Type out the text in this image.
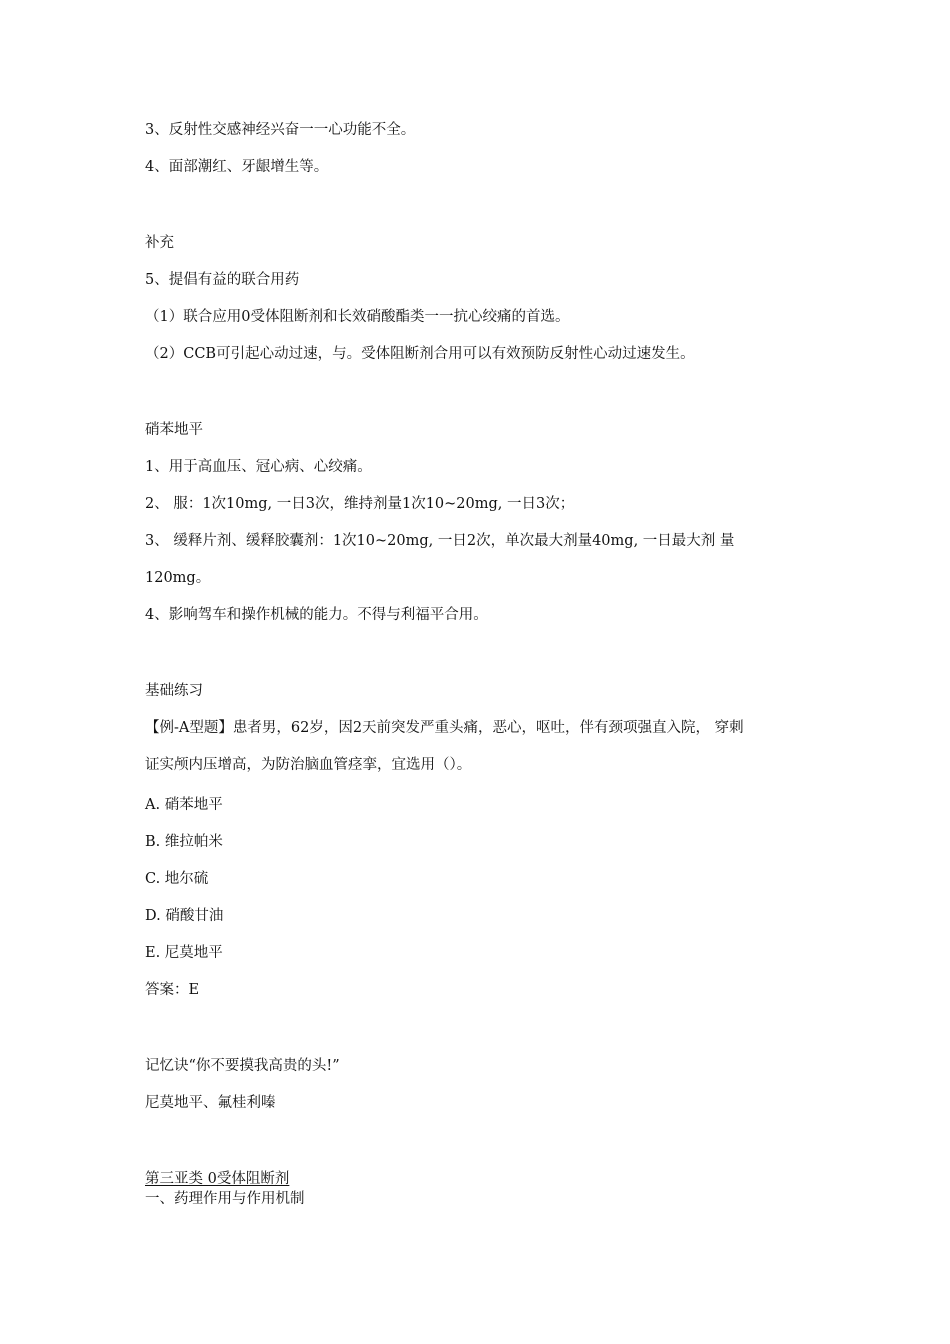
3、反射性交感神经兴奋一一心功能不全。
4、面部潮红、牙龈增生等。
补充
5、提倡有益的联合用药
（1）联合应用0受体阻断剂和长效硝酸酯类一一抗心绞痛的首选。
（2）CCB可引起心动过速，与。受体阻断剂合用可以有效预防反射性心动过速发生。
硝苯地平
1、用于高血压、冠心病、心绞痛。
2、 服：1次10mg, 一日3次，维持剂量1次10~20mg, 一日3次；
3、 缓释片剂、缓释胶囊剂：1次10~20mg, 一日2次，单次最大剂量40mg, 一日最大剂 量
120mg。
4、影响驾车和操作机械的能力。不得与利福平合用。
基础练习
【例-A型题】患者男，62岁，因2天前突发严重头痛，恶心，呕吐，伴有颈项强直入院， 穿刺
证实颅内压增高，为防治脑血管痉挛，宜选用（）。
A. 硝苯地平
B. 维拉帕米
C. 地尔硫
D. 硝酸甘油
E. 尼莫地平
答案：E
记忆诀“你不要摸我高贵的头!”
尼莫地平、氟桂利嗪
第三亚类 0受体阻断剂
一、药理作用与作用机制
